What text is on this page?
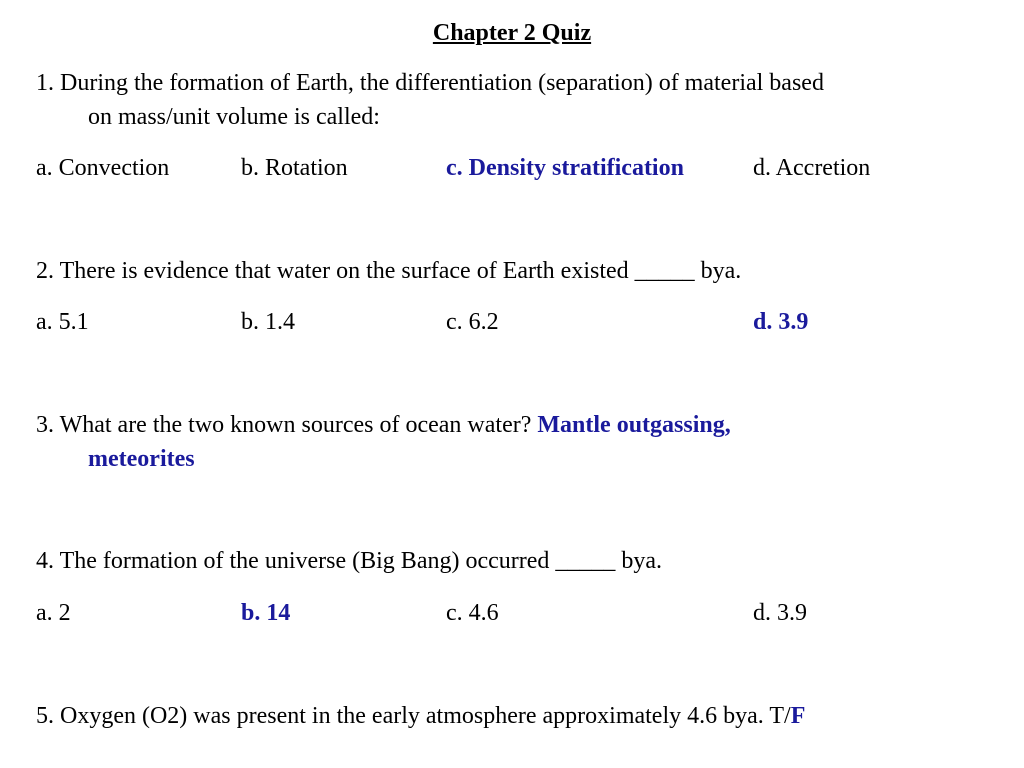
Chapter 2 Quiz
1. During the formation of Earth, the differentiation (separation) of material based
on mass/unit volume is called:
a. Convection	b. Rotation	c. Density stratification	d. Accretion
2. There is evidence that water on the surface of Earth existed _____ bya.
a. 5.1	b. 1.4	c. 6.2	d. 3.9
3. What are the two known sources of ocean water? Mantle outgassing,
meteorites
4. The formation of the universe (Big Bang) occurred _____ bya.
a. 2	b. 14	c. 4.6	d. 3.9
5. Oxygen (O2) was present in the early atmosphere approximately 4.6 bya. T/F
